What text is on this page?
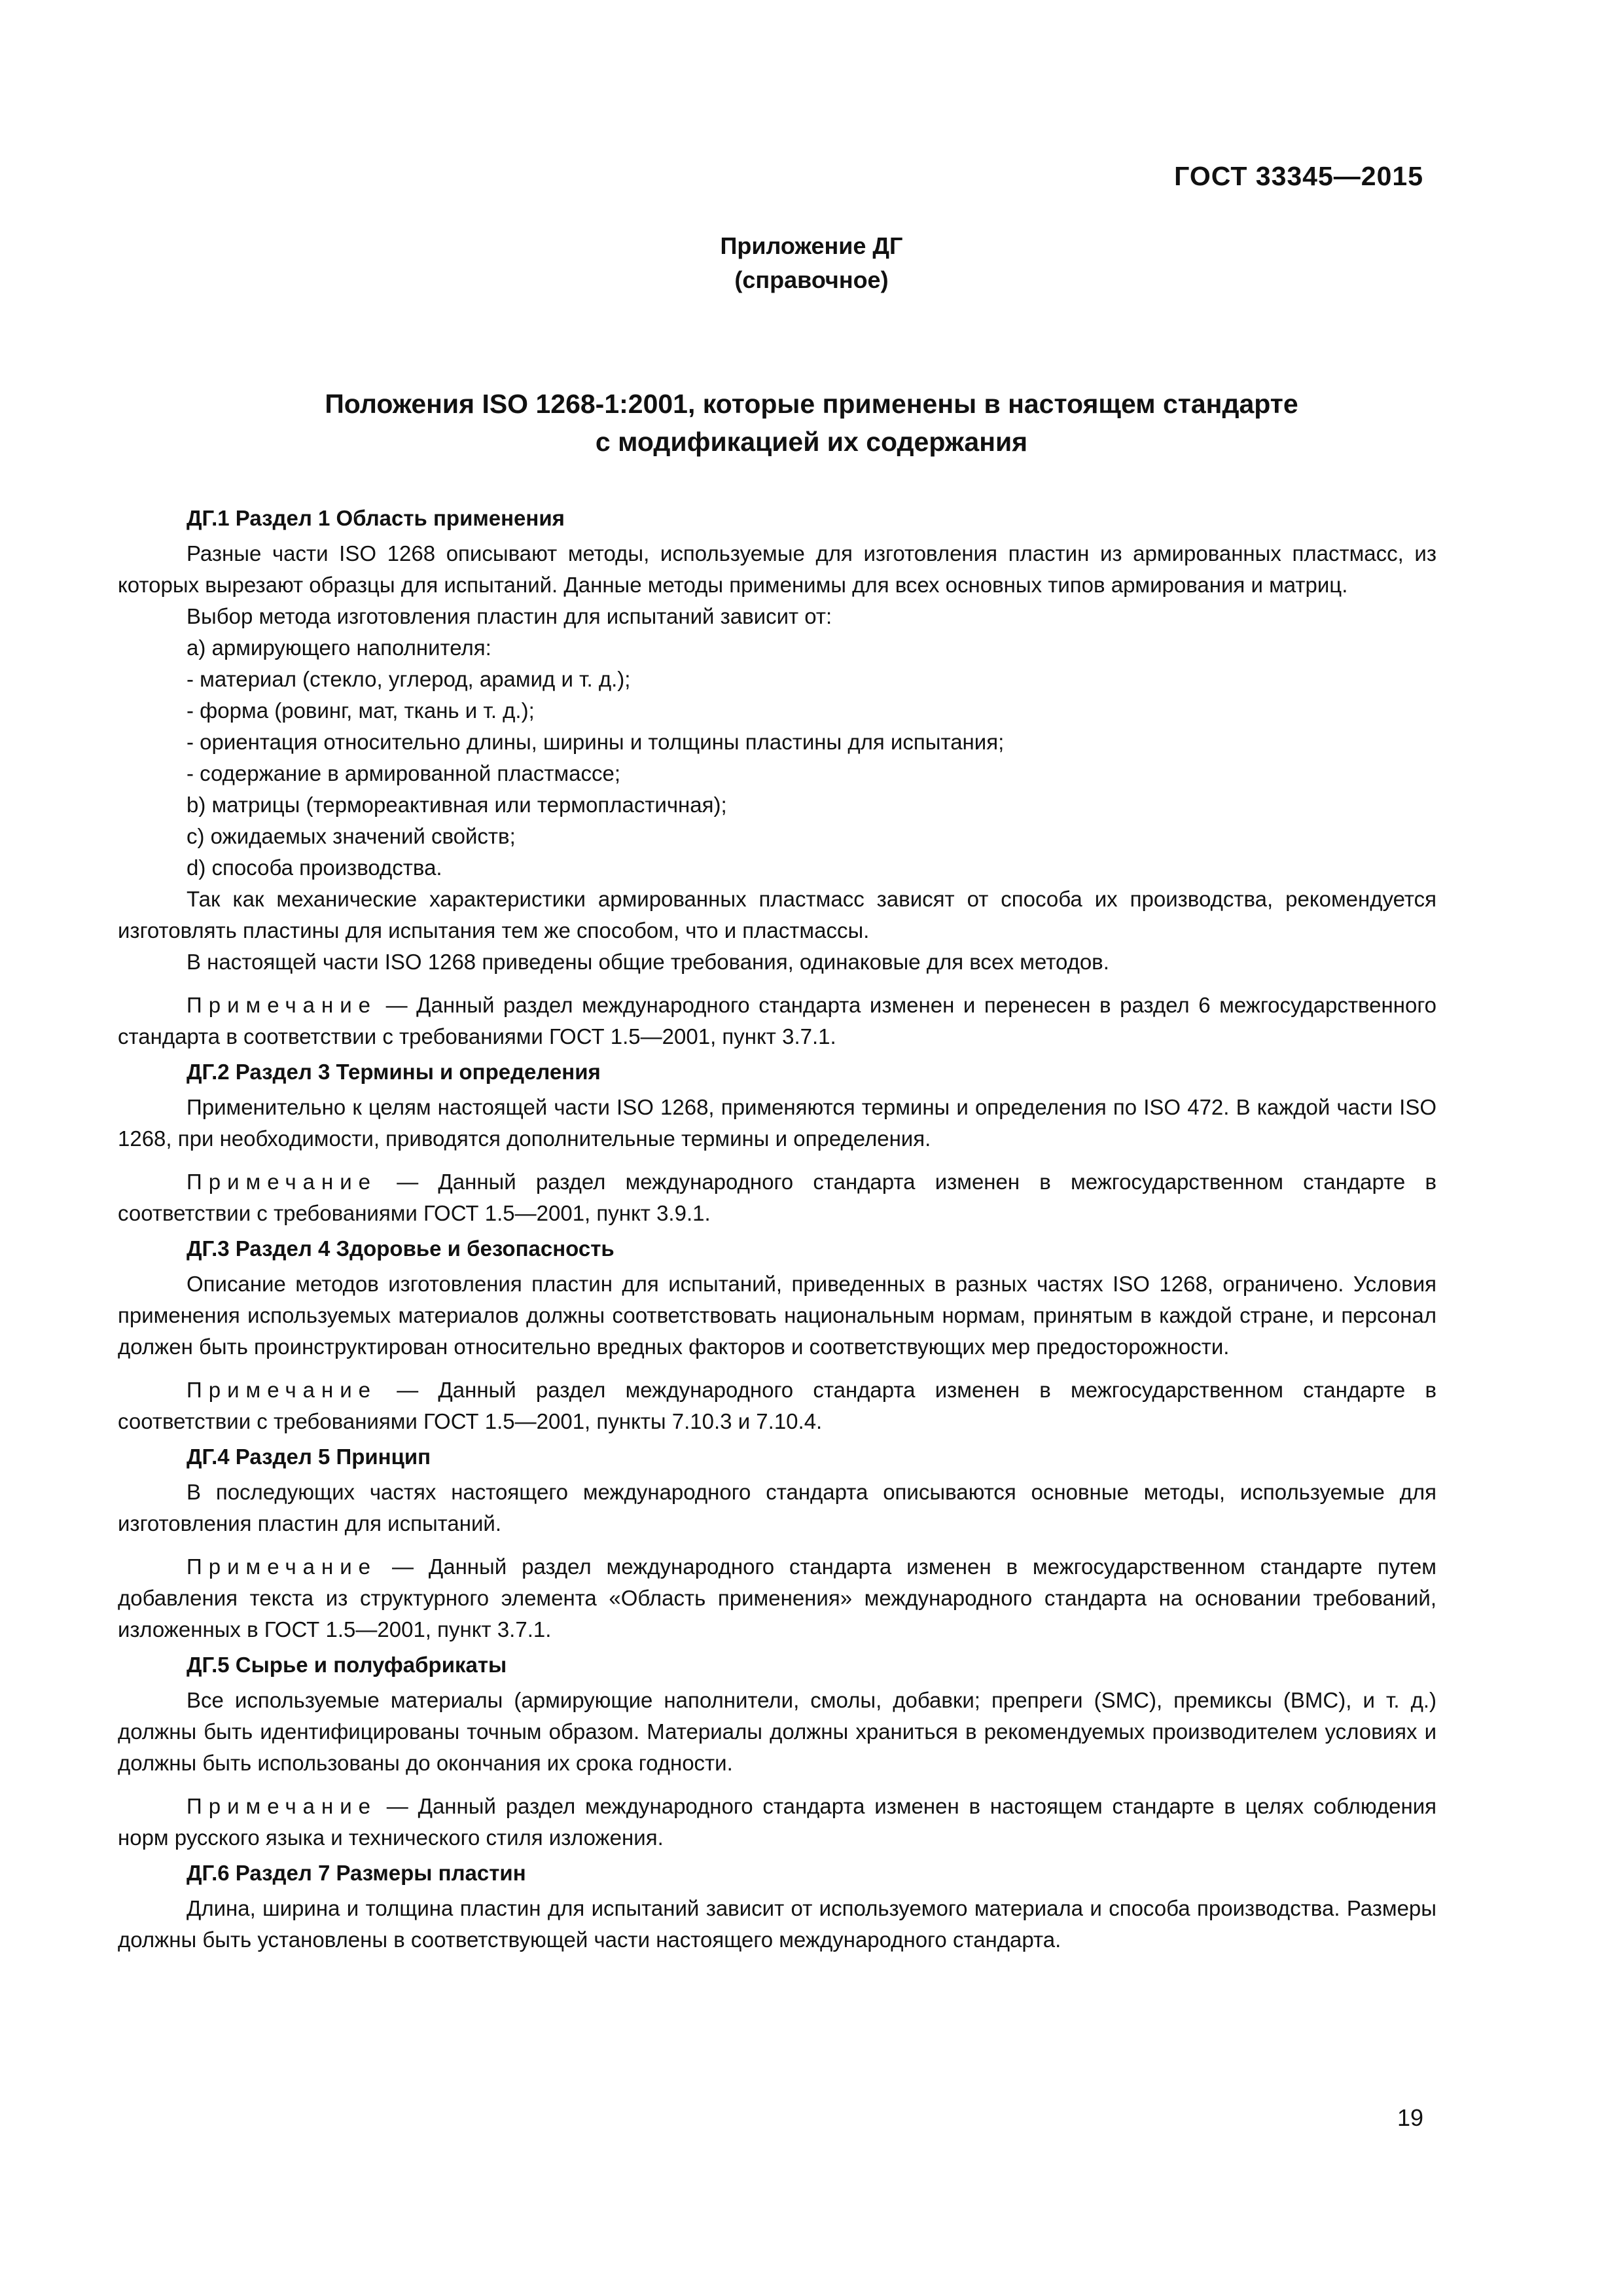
ГОСТ 33345—2015

Приложение ДГ
(справочное)
Положения ISO 1268-1:2001, которые применены в настоящем стандарте
с модификацией их содержания
ДГ.1 Раздел 1 Область применения

Разные части ISO 1268 описывают методы, используемые для изготовления пластин из армированных пластмасс, из которых вырезают образцы для испытаний. Данные методы применимы для всех основных типов армирования и матриц.

Выбор метода изготовления пластин для испытаний зависит от:

а) армирующего наполнителя:

- материал (стекло, углерод, арамид и т. д.);

- форма (ровинг, мат, ткань и т. д.);

- ориентация относительно длины, ширины и толщины пластины для испытания;

- содержание в армированной пластмассе;

b) матрицы (термореактивная или термопластичная);

c) ожидаемых значений свойств;

d) способа производства.

Так как механические характеристики армированных пластмасс зависят от способа их производства, рекомендуется изготовлять пластины для испытания тем же способом, что и пластмассы.

В настоящей части ISO 1268 приведены общие требования, одинаковые для всех методов.

Примечание — Данный раздел международного стандарта изменен и перенесен в раздел 6 межгосударственного стандарта в соответствии с требованиями ГОСТ 1.5—2001, пункт 3.7.1.

ДГ.2 Раздел 3 Термины и определения

Применительно к целям настоящей части ISO 1268, применяются термины и определения по ISO 472. В каждой части ISO 1268, при необходимости, приводятся дополнительные термины и определения.

Примечание — Данный раздел международного стандарта изменен в межгосударственном стандарте в соответствии с требованиями ГОСТ 1.5—2001, пункт 3.9.1.

ДГ.3 Раздел 4 Здоровье и безопасность

Описание методов изготовления пластин для испытаний, приведенных в разных частях ISO 1268, ограничено. Условия применения используемых материалов должны соответствовать национальным нормам, принятым в каждой стране, и персонал должен быть проинструктирован относительно вредных факторов и соответствующих мер предосторожности.

Примечание — Данный раздел международного стандарта изменен в межгосударственном стандарте в соответствии с требованиями ГОСТ 1.5—2001, пункты 7.10.3 и 7.10.4.

ДГ.4 Раздел 5 Принцип

В последующих частях настоящего международного стандарта описываются основные методы, используемые для изготовления пластин для испытаний.

Примечание — Данный раздел международного стандарта изменен в межгосударственном стандарте путем добавления текста из структурного элемента «Область применения» международного стандарта на основании требований, изложенных в ГОСТ 1.5—2001, пункт 3.7.1.

ДГ.5 Сырье и полуфабрикаты

Все используемые материалы (армирующие наполнители, смолы, добавки; препреги (SMC), премиксы (BMC), и т. д.) должны быть идентифицированы точным образом. Материалы должны храниться в рекомендуемых производителем условиях и должны быть использованы до окончания их срока годности.

Примечание — Данный раздел международного стандарта изменен в настоящем стандарте в целях соблюдения норм русского языка и технического стиля изложения.

ДГ.6 Раздел 7 Размеры пластин

Длина, ширина и толщина пластин для испытаний зависит от используемого материала и способа производства. Размеры должны быть установлены в соответствующей части настоящего международного стандарта.

19
